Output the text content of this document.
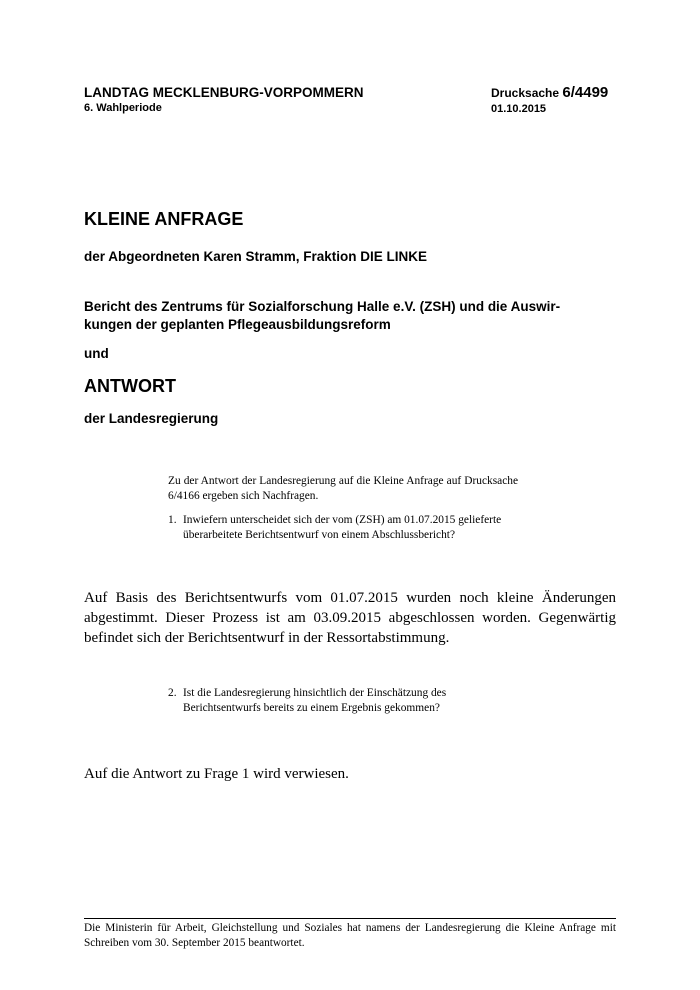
LANDTAG MECKLENBURG-VORPOMMERN
6. Wahlperiode
Drucksache 6/4499
01.10.2015
KLEINE ANFRAGE
der Abgeordneten Karen Stramm, Fraktion DIE LINKE
Bericht des Zentrums für Sozialforschung Halle e.V. (ZSH) und die Auswir-
kungen der geplanten Pflegeausbildungsreform
und
ANTWORT
der Landesregierung
Zu der Antwort der Landesregierung auf die Kleine Anfrage auf Drucksache 6/4166 ergeben sich Nachfragen.
1. Inwiefern unterscheidet sich der vom (ZSH) am 01.07.2015 gelieferte überarbeitete Berichtsentwurf von einem Abschlussbericht?
Auf Basis des Berichtsentwurfs vom 01.07.2015 wurden noch kleine Änderungen abgestimmt. Dieser Prozess ist am 03.09.2015 abgeschlossen worden. Gegenwärtig befindet sich der Berichtsentwurf in der Ressortabstimmung.
2. Ist die Landesregierung hinsichtlich der Einschätzung des Berichtsentwurfs bereits zu einem Ergebnis gekommen?
Auf die Antwort zu Frage 1 wird verwiesen.
Die Ministerin für Arbeit, Gleichstellung und Soziales hat namens der Landesregierung die Kleine Anfrage mit Schreiben vom 30. September 2015 beantwortet.
